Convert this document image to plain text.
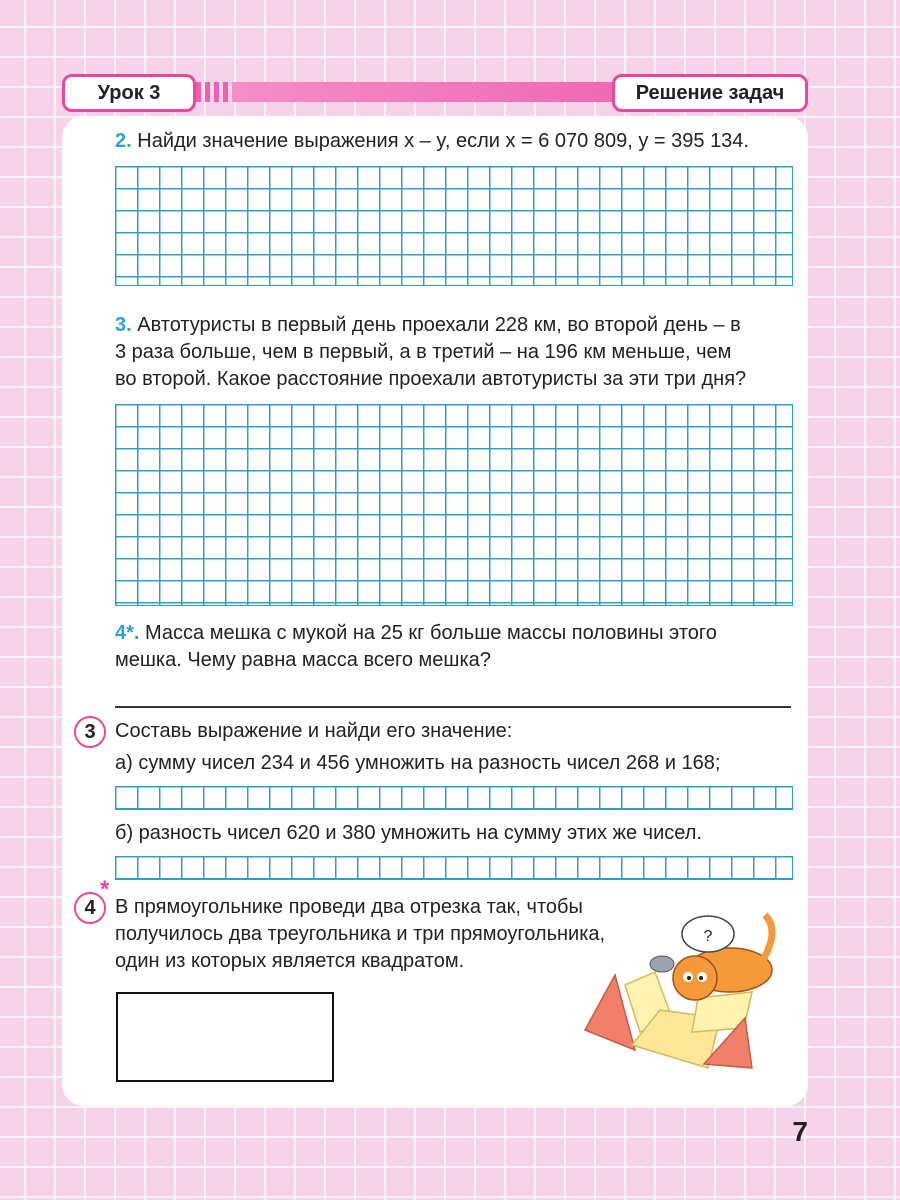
Урок 3	Решение задач
2. Найди значение выражения x – y, если x = 6 070 809, y = 395 134.
3. Автотуристы в первый день проехали 228 км, во второй день – в
3 раза больше, чем в первый, а в третий – на 196 км меньше, чем
во второй. Какое расстояние проехали автотуристы за эти три дня?
4*. Масса мешка с мукой на 25 кг больше массы половины этого
мешка. Чему равна масса всего мешка?
3 Составь выражение и найди его значение:
а) сумму чисел 234 и 456 умножить на разность чисел 268 и 168;
б) разность чисел 620 и 380 умножить на сумму этих же чисел.
4
*
В прямоугольнике проведи два отрезка так, чтобы
получилось два треугольника и три прямоугольника,
один из которых является квадратом.
?
7
